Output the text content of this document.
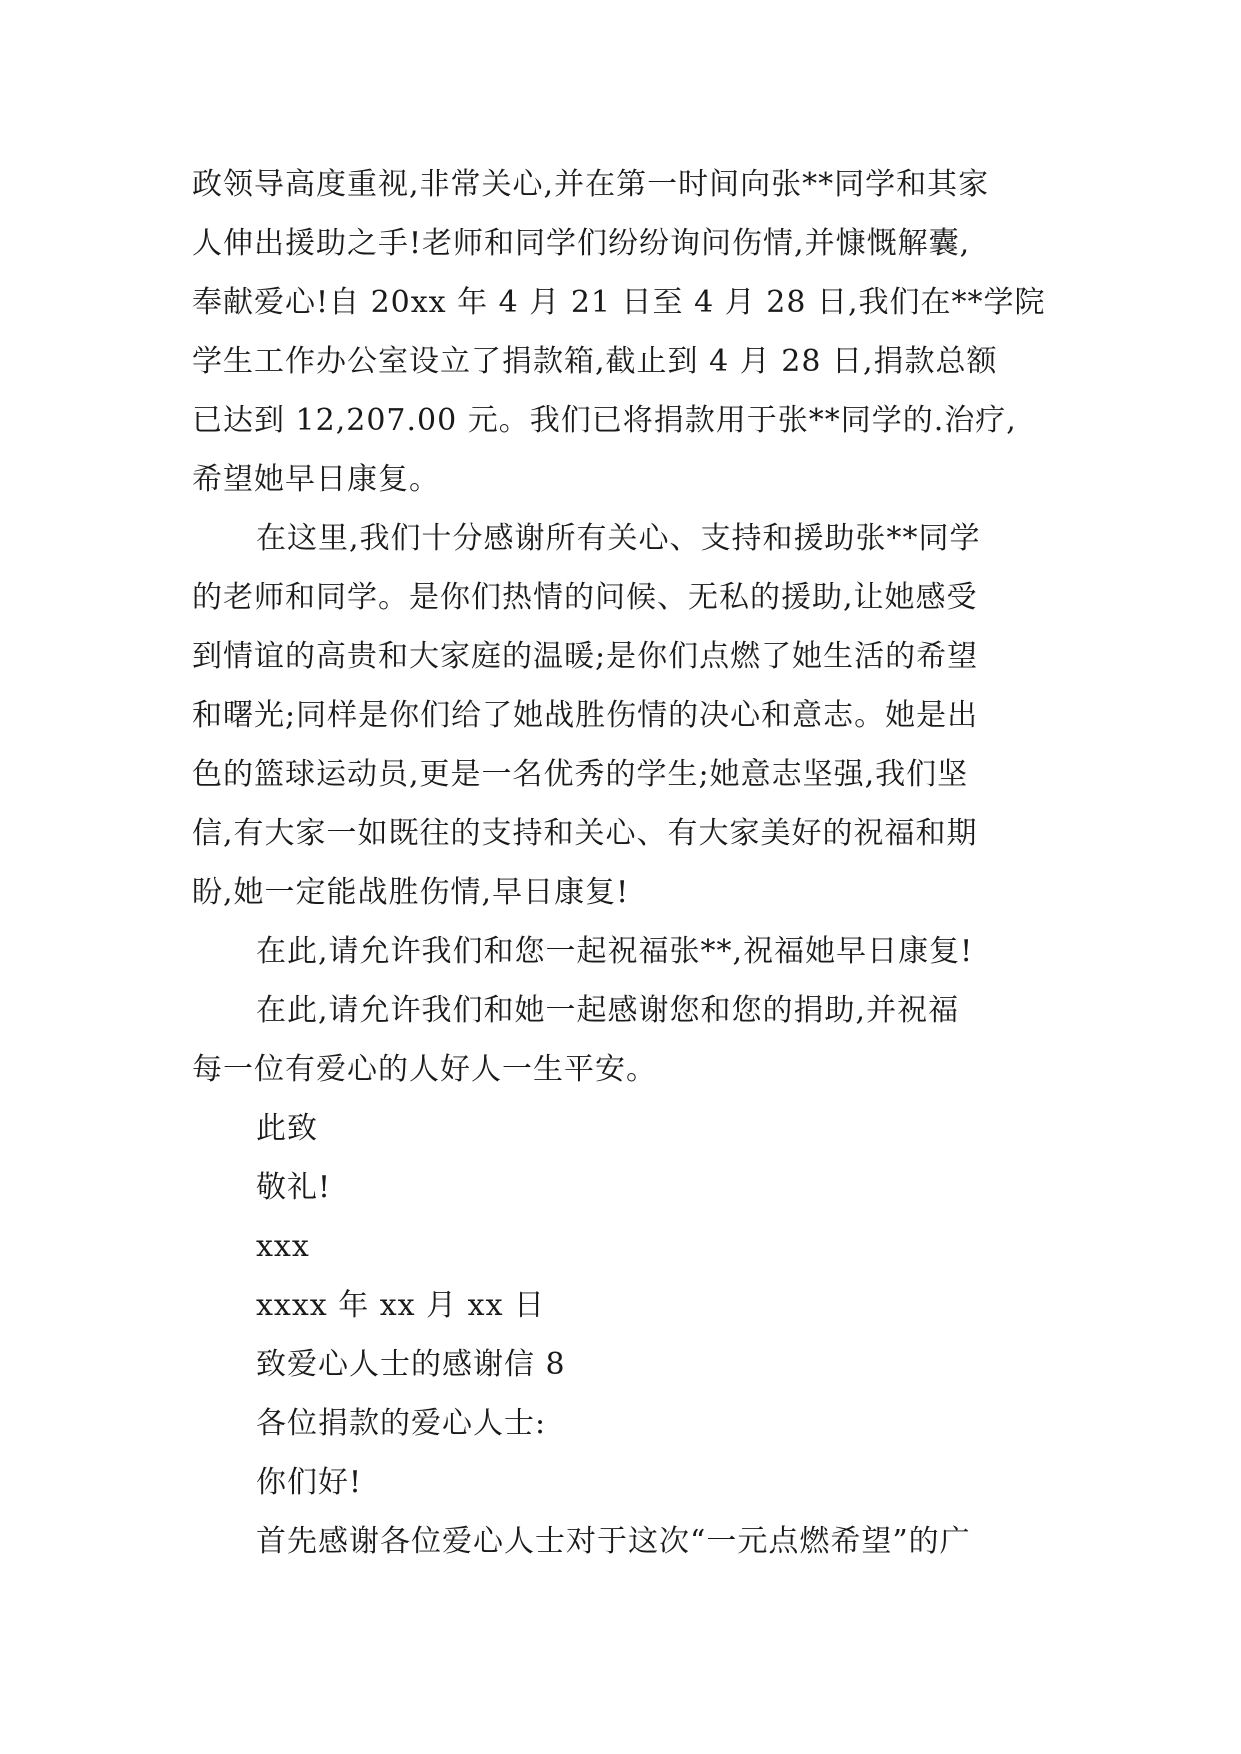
政领导高度重视,非常关心,并在第一时间向张**同学和其家
人伸出援助之手!老师和同学们纷纷询问伤情,并慷慨解囊,
奉献爱心!自 20xx 年 4 月 21 日至 4 月 28 日,我们在**学院
学生工作办公室设立了捐款箱,截止到 4 月 28 日,捐款总额
已达到 12,207.00 元。我们已将捐款用于张**同学的.治疗,
希望她早日康复。
在这里,我们十分感谢所有关心、支持和援助张**同学
的老师和同学。是你们热情的问候、无私的援助,让她感受
到情谊的高贵和大家庭的温暖;是你们点燃了她生活的希望
和曙光;同样是你们给了她战胜伤情的决心和意志。她是出
色的篮球运动员,更是一名优秀的学生;她意志坚强,我们坚
信,有大家一如既往的支持和关心、有大家美好的祝福和期
盼,她一定能战胜伤情,早日康复!
在此,请允许我们和您一起祝福张**,祝福她早日康复!
在此,请允许我们和她一起感谢您和您的捐助,并祝福
每一位有爱心的人好人一生平安。
此致
敬礼!
xxx
xxxx 年 xx 月 xx 日
致爱心人士的感谢信 8
各位捐款的爱心人士:
你们好!
首先感谢各位爱心人士对于这次“一元点燃希望”的广
